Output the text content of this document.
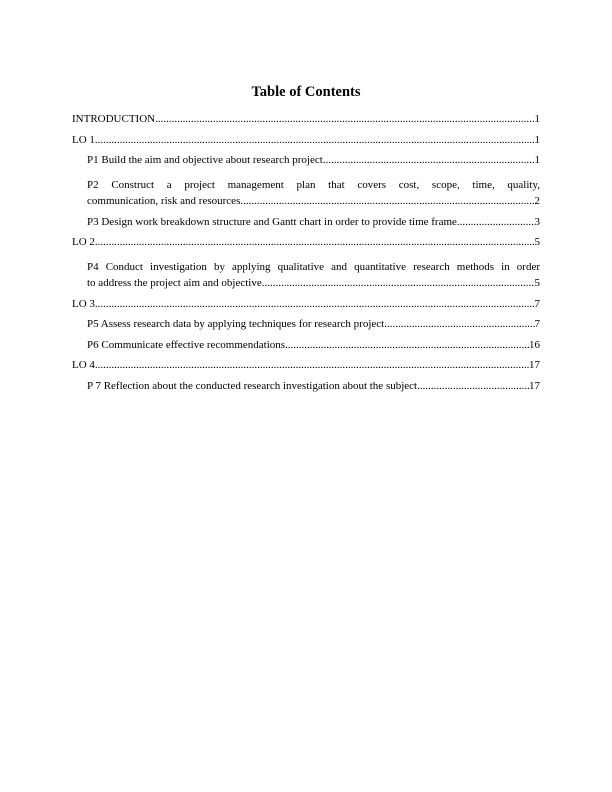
Table of Contents
INTRODUCTION .....	1
LO 1 .....	1
P1 Build the aim and objective about research project .....	1
P2 Construct a project management plan that covers cost, scope, time, quality,
communication, risk and resources .....	2
P3 Design work breakdown structure and Gantt chart in order to provide time frame .....	3
LO 2 .....	5
P4 Conduct investigation by applying qualitative and quantitative research methods in order
to address the project aim and objective .....	5
LO 3 .....	7
P5 Assess research data by applying techniques for research project .....	7
P6 Communicate effective recommendations .....	16
LO 4 .....	17
P 7 Reflection about the conducted research investigation about the subject .....	17
